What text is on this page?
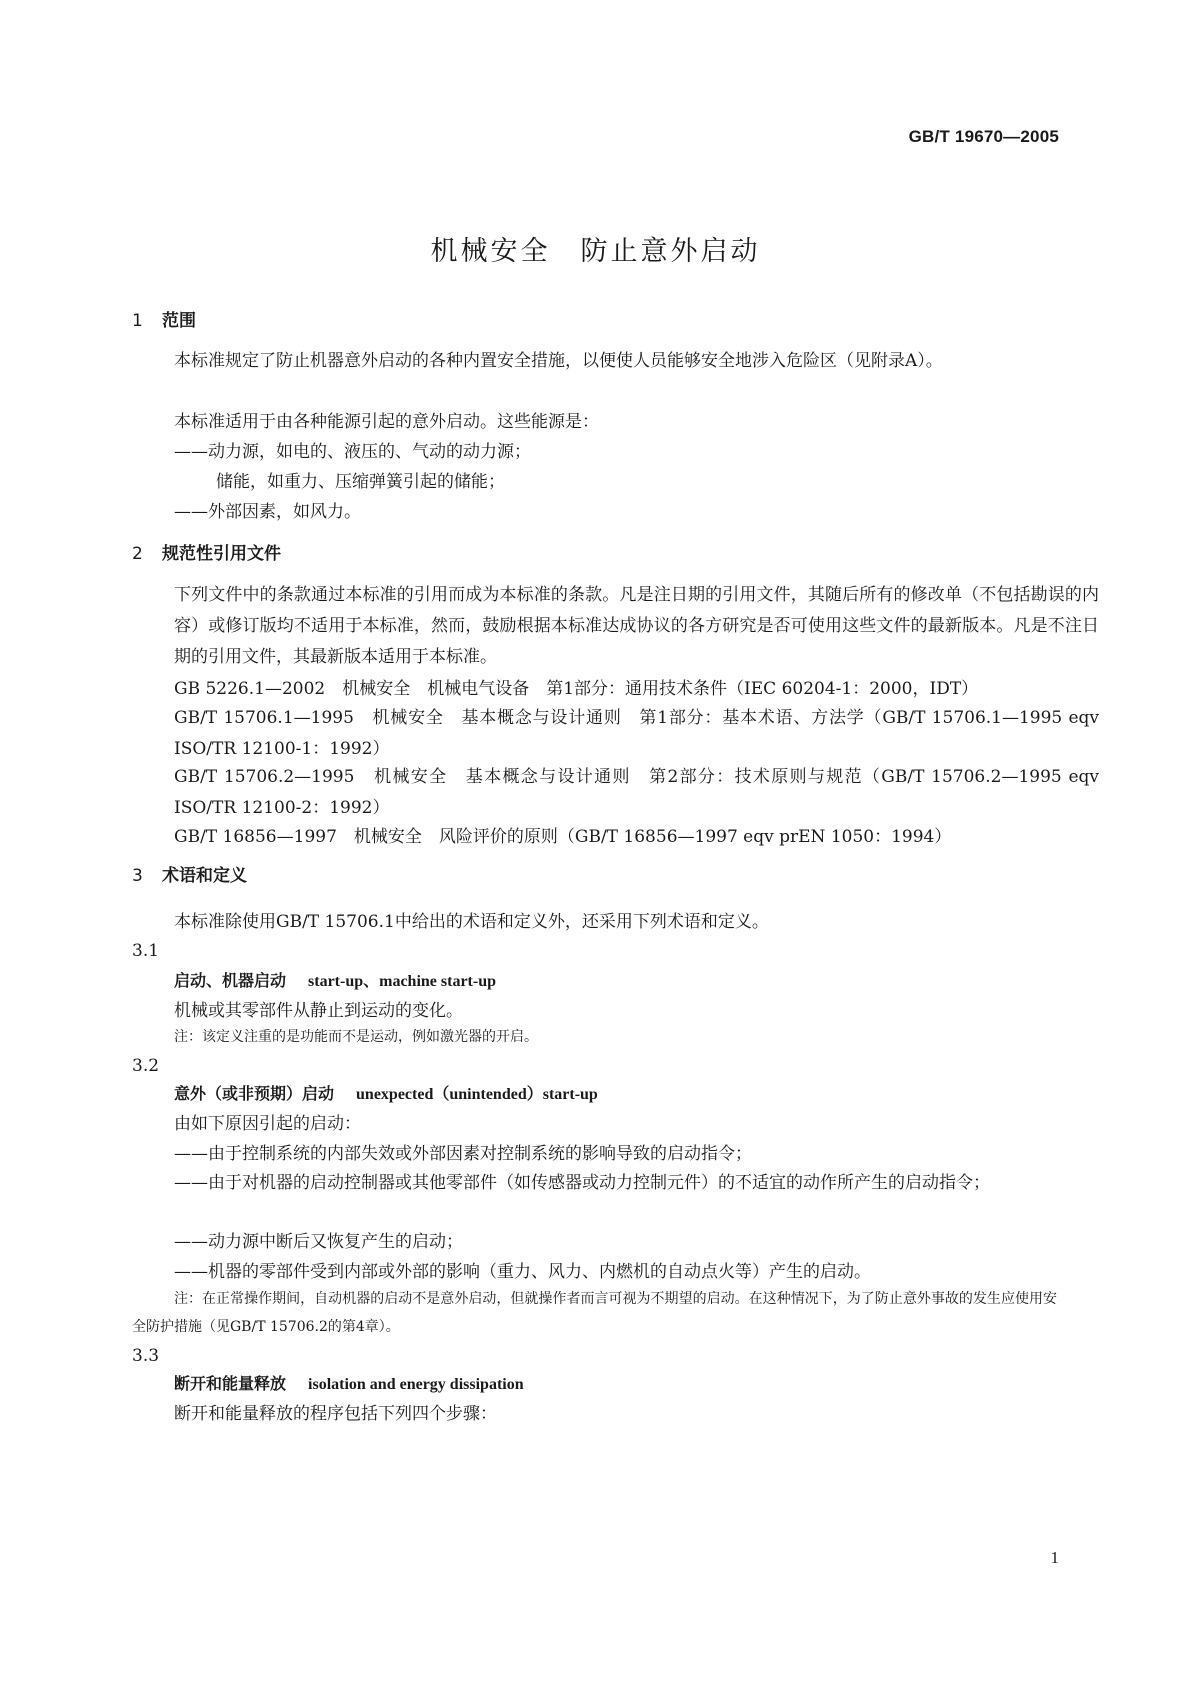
GB/T 19670—2005
机械安全　防止意外启动
1 范围
本标准规定了防止机器意外启动的各种内置安全措施，以便使人员能够安全地涉入危险区（见附录A）。
本标准适用于由各种能源引起的意外启动。这些能源是：
——动力源，如电的、液压的、气动的动力源；
储能，如重力、压缩弹簧引起的储能；
——外部因素，如风力。
2 规范性引用文件
下列文件中的条款通过本标准的引用而成为本标准的条款。凡是注日期的引用文件，其随后所有的修改单（不包括勘误的内容）或修订版均不适用于本标准，然而，鼓励根据本标准达成协议的各方研究是否可使用这些文件的最新版本。凡是不注日期的引用文件，其最新版本适用于本标准。
GB 5226.1—2002　机械安全　机械电气设备　第1部分：通用技术条件（IEC 60204-1：2000，IDT）
GB/T 15706.1—1995　机械安全　基本概念与设计通则　第1部分：基本术语、方法学（GB/T 15706.1—1995 eqv ISO/TR 12100-1：1992）
GB/T 15706.2—1995　机械安全　基本概念与设计通则　第2部分：技术原则与规范（GB/T 15706.2—1995 eqv ISO/TR 12100-2：1992）
GB/T 16856—1997　机械安全　风险评价的原则（GB/T 16856—1997 eqv prEN 1050：1994）
3 术语和定义
本标准除使用GB/T 15706.1中给出的术语和定义外，还采用下列术语和定义。
3.1
启动、机器启动 start-up、machine start-up
机械或其零部件从静止到运动的变化。
注：该定义注重的是功能而不是运动，例如激光器的开启。
3.2
意外（或非预期）启动 unexpected（unintended）start-up
由如下原因引起的启动：
——由于控制系统的内部失效或外部因素对控制系统的影响导致的启动指令；
——由于对机器的启动控制器或其他零部件（如传感器或动力控制元件）的不适宜的动作所产生的启动指令；
——动力源中断后又恢复产生的启动；
——机器的零部件受到内部或外部的影响（重力、风力、内燃机的自动点火等）产生的启动。
注：在正常操作期间，自动机器的启动不是意外启动，但就操作者而言可视为不期望的启动。在这种情况下，为了防止意外事故的发生应使用安全防护措施（见GB/T 15706.2的第4章）。
3.3
断开和能量释放 isolation and energy dissipation
断开和能量释放的程序包括下列四个步骤：
1
